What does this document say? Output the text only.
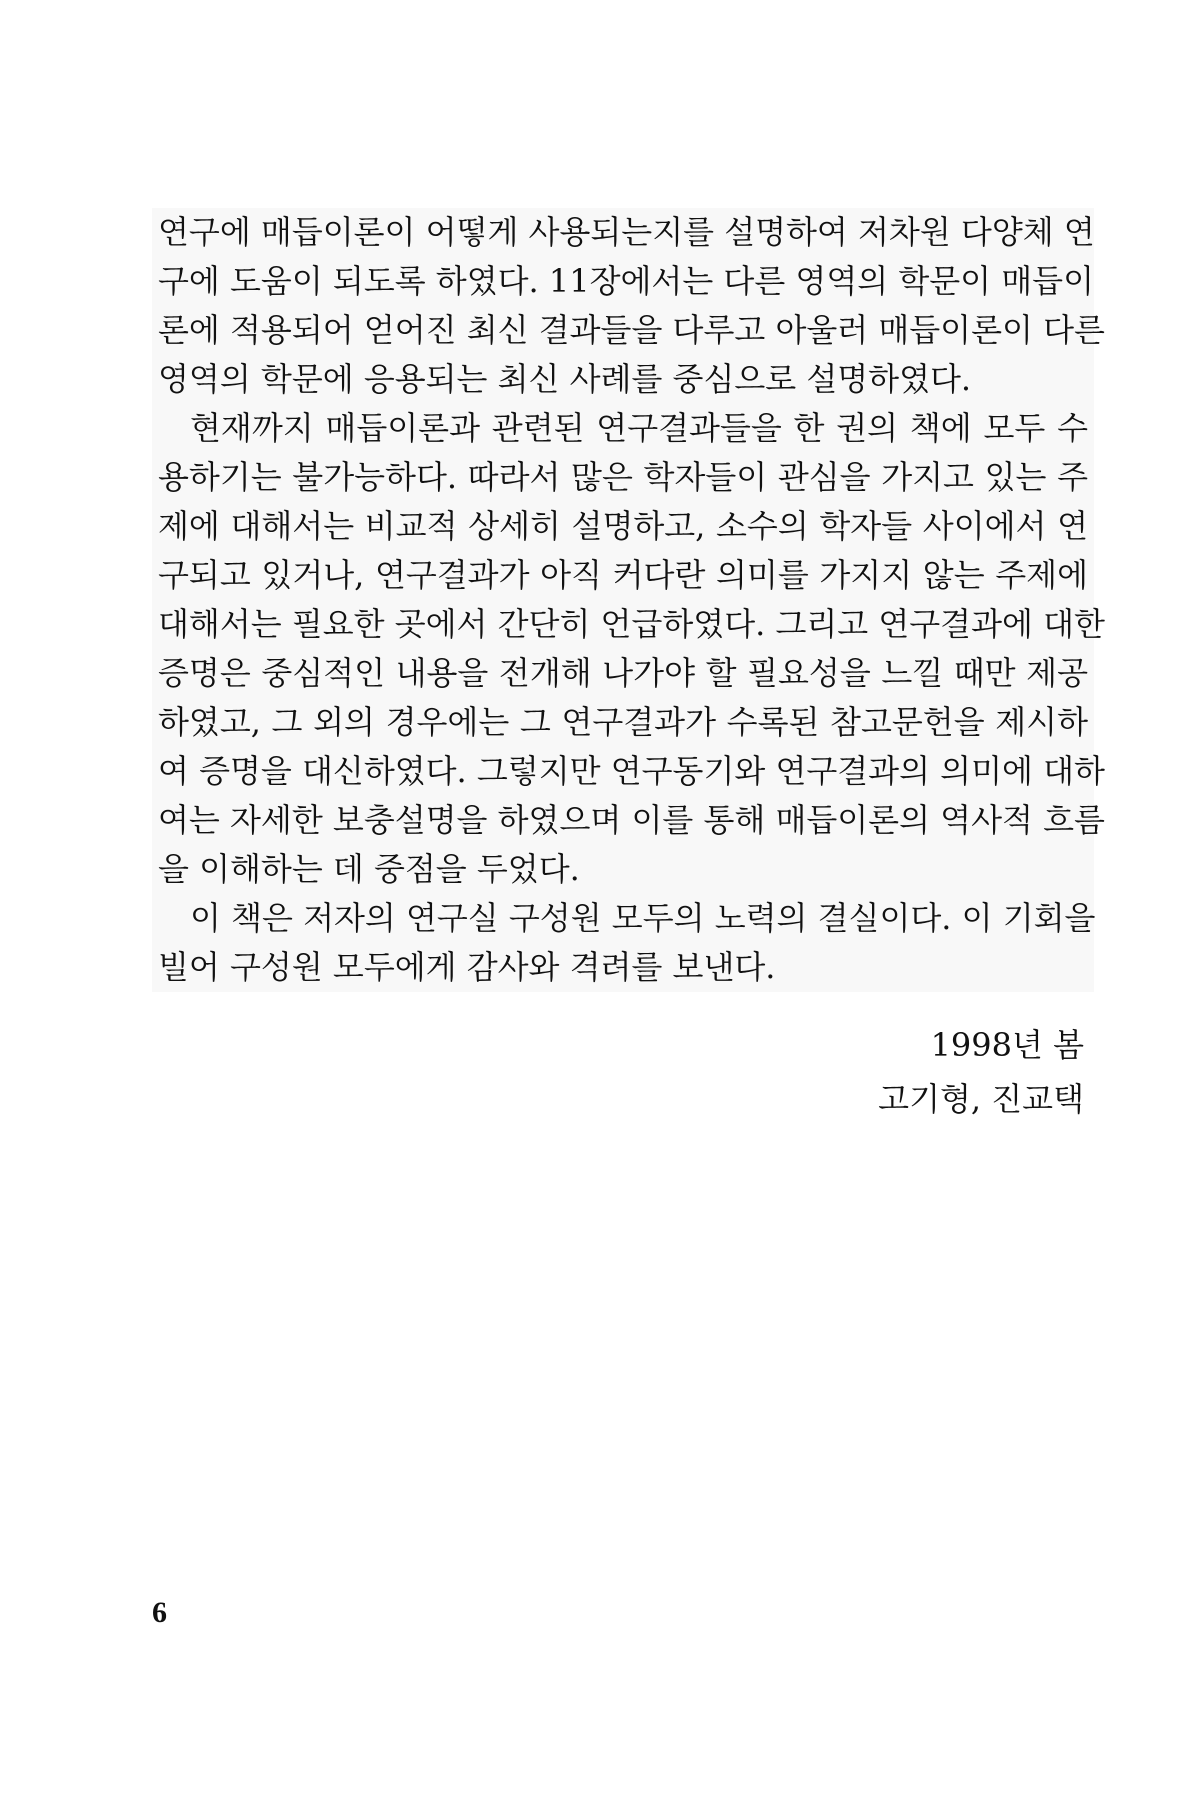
연구에 매듭이론이 어떻게 사용되는지를 설명하여 저차원 다양체 연
구에 도움이 되도록 하였다. 11장에서는 다른 영역의 학문이 매듭이
론에 적용되어 얻어진 최신 결과들을 다루고 아울러 매듭이론이 다른
영역의 학문에 응용되는 최신 사례를 중심으로 설명하였다.
현재까지 매듭이론과 관련된 연구결과들을 한 권의 책에 모두 수
용하기는 불가능하다. 따라서 많은 학자들이 관심을 가지고 있는 주
제에 대해서는 비교적 상세히 설명하고, 소수의 학자들 사이에서 연
구되고 있거나, 연구결과가 아직 커다란 의미를 가지지 않는 주제에
대해서는 필요한 곳에서 간단히 언급하였다. 그리고 연구결과에 대한
증명은 중심적인 내용을 전개해 나가야 할 필요성을 느낄 때만 제공
하였고, 그 외의 경우에는 그 연구결과가 수록된 참고문헌을 제시하
여 증명을 대신하였다. 그렇지만 연구동기와 연구결과의 의미에 대하
여는 자세한 보충설명을 하였으며 이를 통해 매듭이론의 역사적 흐름
을 이해하는 데 중점을 두었다.
이 책은 저자의 연구실 구성원 모두의 노력의 결실이다. 이 기회을
빌어 구성원 모두에게 감사와 격려를 보낸다.
1998년 봄
고기형, 진교택
6
